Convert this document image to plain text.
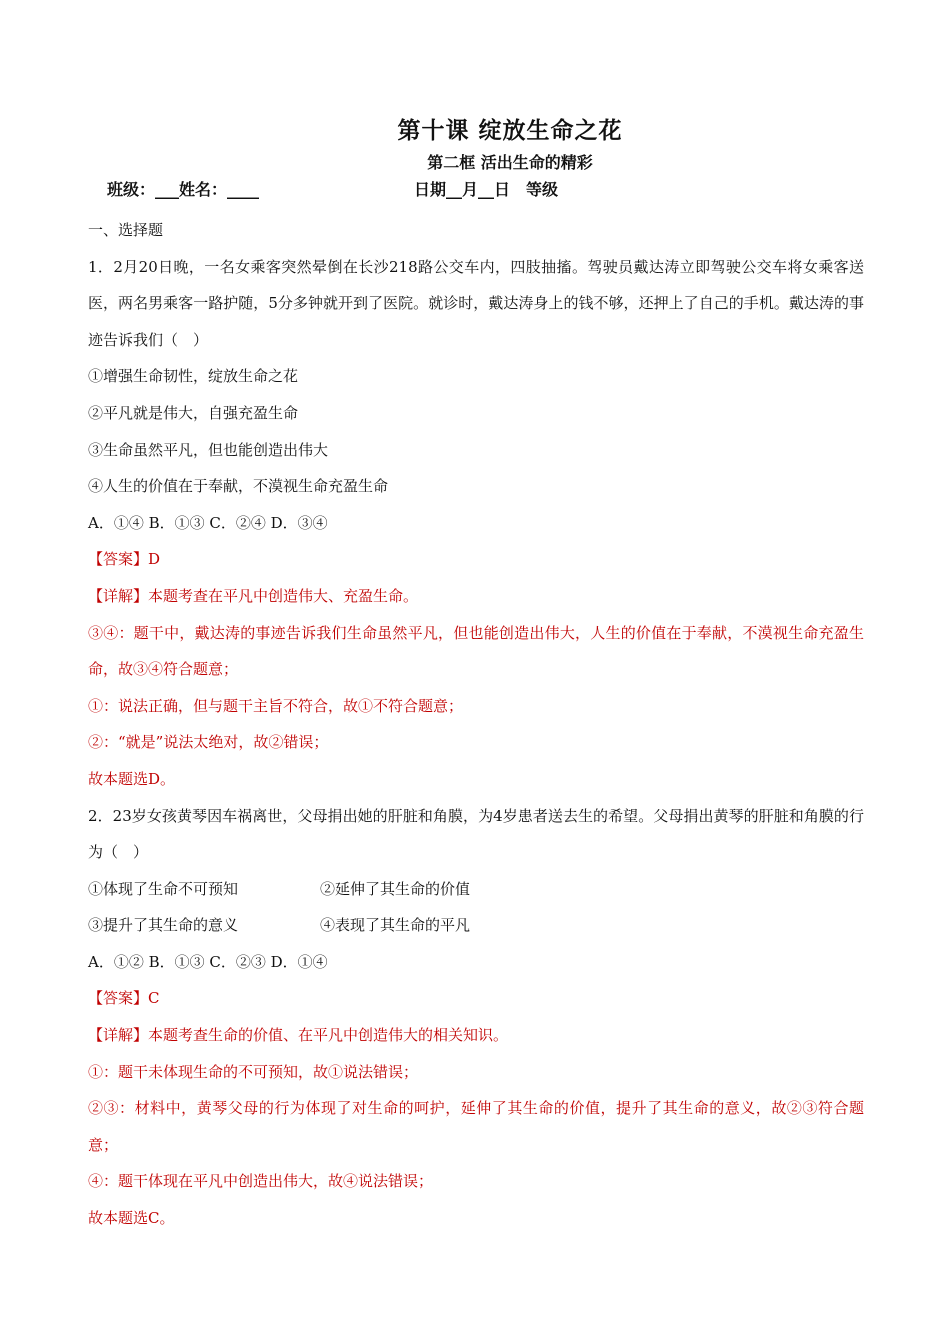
第十课 绽放生命之花
第二框 活出生命的精彩
班级：___姓名：____	日期__月__日　等级

一、选择题

1．2月20日晚，一名女乘客突然晕倒在长沙218路公交车内，四肢抽搐。驾驶员戴达涛立即驾驶公交车将女乘客送医，两名男乘客一路护随，5分多钟就开到了医院。就诊时，戴达涛身上的钱不够，还押上了自己的手机。戴达涛的事迹告诉我们（　）

①增强生命韧性，绽放生命之花

②平凡就是伟大，自强充盈生命

③生命虽然平凡，但也能创造出伟大

④人生的价值在于奉献，不漠视生命充盈生命

A．①④ B．①③ C．②④ D．③④

【答案】D

【详解】本题考查在平凡中创造伟大、充盈生命。

③④：题干中，戴达涛的事迹告诉我们生命虽然平凡，但也能创造出伟大，人生的价值在于奉献，不漠视生命充盈生命，故③④符合题意；

①：说法正确，但与题干主旨不符合，故①不符合题意；

②：“就是”说法太绝对，故②错误；

故本题选D。

2．23岁女孩黄琴因车祸离世，父母捐出她的肝脏和角膜，为4岁患者送去生的希望。父母捐出黄琴的肝脏和角膜的行为（　）

①体现了生命不可预知	②延伸了其生命的价值
③提升了其生命的意义	④表现了其生命的平凡

A．①② B．①③ C．②③ D．①④

【答案】C

【详解】本题考查生命的价值、在平凡中创造伟大的相关知识。

①：题干未体现生命的不可预知，故①说法错误；

②③：材料中，黄琴父母的行为体现了对生命的呵护，延伸了其生命的价值，提升了其生命的意义，故②③符合题意；

④：题干体现在平凡中创造出伟大，故④说法错误；

故本题选C。
